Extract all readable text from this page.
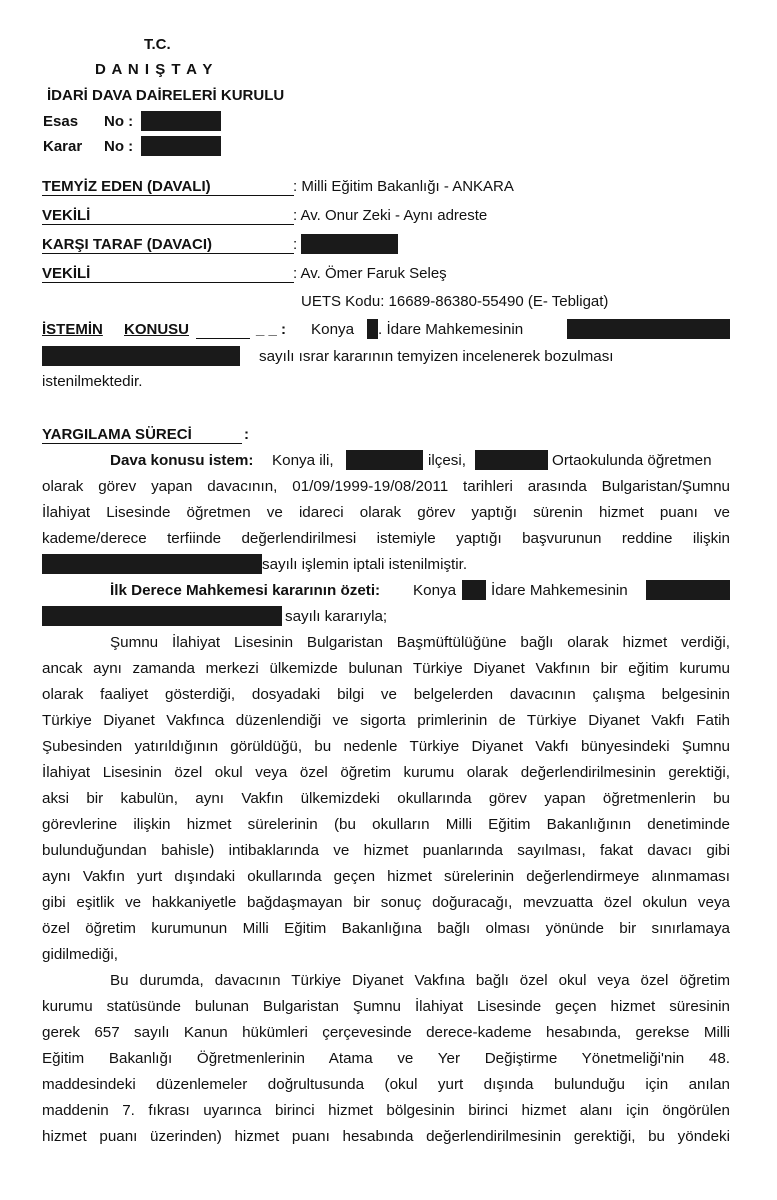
T.C.
D A N I Ş T A Y
İDARİ DAVA DAİRELERİ KURULU
Esas No :
Karar No :
TEMYİZ EDEN (DAVALI)	: Milli Eğitim Bakanlığı - ANKARA
VEKİLİ	: Av. Onur Zeki - Aynı adreste
KARŞI TARAF (DAVACI)	:
VEKİLİ	: Av. Ömer Faruk Seleş
UETS Kodu: 16689-86380-55490 (E- Tebligat)
İSTEMİN KONUSU	_ _ : Konya . İdare Mahkemesinin
sayılı ısrar kararının temyizen incelenerek bozulması
istenilmektedir.
YARGILAMA SÜRECİ	:
Dava konusu istem: Konya ili,	ilçesi,	Ortaokulunda öğretmen
olarak görev yapan davacının, 01/09/1999-19/08/2011 tarihleri arasında Bulgaristan/Şumnu
İlahiyat Lisesinde öğretmen ve idareci olarak görev yaptığı sürenin hizmet puanı ve
kademe/derece terfiinde değerlendirilmesi istemiyle yaptığı başvurunun reddine ilişkin
sayılı işlemin iptali istenilmiştir.
İlk Derece Mahkemesi kararının özeti: Konya İdare Mahkemesinin
sayılı kararıyla;
Şumnu İlahiyat Lisesinin Bulgaristan Başmüftülüğüne bağlı olarak hizmet verdiği,
ancak aynı zamanda merkezi ülkemizde bulunan Türkiye Diyanet Vakfının bir eğitim kurumu
olarak faaliyet gösterdiği, dosyadaki bilgi ve belgelerden davacının çalışma belgesinin
Türkiye Diyanet Vakfınca düzenlendiği ve sigorta primlerinin de Türkiye Diyanet Vakfı Fatih
Şubesinden yatırıldığının görüldüğü, bu nedenle Türkiye Diyanet Vakfı bünyesindeki Şumnu
İlahiyat Lisesinin özel okul veya özel öğretim kurumu olarak değerlendirilmesinin gerektiği,
aksi bir kabulün, aynı Vakfın ülkemizdeki okullarında görev yapan öğretmenlerin bu
görevlerine ilişkin hizmet sürelerinin (bu okulların Milli Eğitim Bakanlığının denetiminde
bulunduğundan bahisle) intibaklarında ve hizmet puanlarında sayılması, fakat davacı gibi
aynı Vakfın yurt dışındaki okullarında geçen hizmet sürelerinin değerlendirmeye alınmaması
gibi eşitlik ve hakkaniyetle bağdaşmayan bir sonuç doğuracağı, mevzuatta özel okulun veya
özel öğretim kurumunun Milli Eğitim Bakanlığına bağlı olması yönünde bir sınırlamaya
gidilmediği,
Bu durumda, davacının Türkiye Diyanet Vakfına bağlı özel okul veya özel öğretim
kurumu statüsünde bulunan Bulgaristan Şumnu İlahiyat Lisesinde geçen hizmet süresinin
gerek 657 sayılı Kanun hükümleri çerçevesinde derece-kademe hesabında, gerekse Milli
Eğitim Bakanlığı Öğretmenlerinin Atama ve Yer Değiştirme Yönetmeliği'nin 48.
maddesindeki düzenlemeler doğrultusunda (okul yurt dışında bulunduğu için anılan
maddenin 7. fıkrası uyarınca birinci hizmet bölgesinin birinci hizmet alanı için öngörülen
hizmet puanı üzerinden) hizmet puanı hesabında değerlendirilmesinin gerektiği, bu yöndeki
